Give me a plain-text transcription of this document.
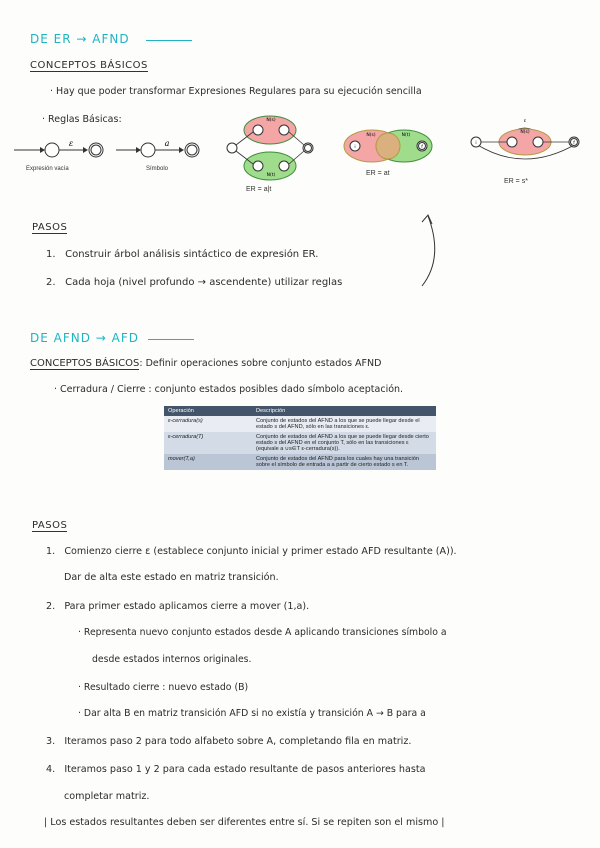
DE ER → AFND
CONCEPTOS BÁSICOS
· Hay que poder transformar Expresiones Regulares para su ejecución sencilla
· Reglas Básicas:
ε
Expresión vacía
a
Símbolo
N(s)
N(t)
ER = a|t
i	f
N(s)	N(t)
ER = at
N(s)
i	f
ε
ER = s*
PASOS
1. Construir árbol análisis sintáctico de expresión ER.
2. Cada hoja (nivel profundo → ascendente) utilizar reglas
DE AFND → AFD
CONCEPTOS BÁSICOS: Definir operaciones sobre conjunto estados AFND
· Cerradura / Cierre : conjunto estados posibles dado símbolo aceptación.
Operación	Descripción
ε-cerradura(s)	Conjunto de estados del AFND a los que se puede llegar desde el estado s del AFND, sólo en las transiciones ε.
ε-cerradura(T)	Conjunto de estados del AFND a los que se puede llegar desde cierto estado s del AFND en el conjunto T, sólo en las transiciones ε (equivale a ∪s∈T ε-cerradura(s)).
mover(T,a)	Conjunto de estados del AFND para los cuales hay una transición sobre el símbolo de entrada a a partir de cierto estado s en T.
PASOS
1. Comienzo cierre ε (establece conjunto inicial y primer estado AFD resultante (A)).
Dar de alta este estado en matriz transición.
2. Para primer estado aplicamos cierre a mover (1,a).
· Representa nuevo conjunto estados desde A aplicando transiciones símbolo a
desde estados internos originales.
· Resultado cierre : nuevo estado (B)
· Dar alta B en matriz transición AFD si no existía y transición A → B para a
3. Iteramos paso 2 para todo alfabeto sobre A, completando fila en matriz.
4. Iteramos paso 1 y 2 para cada estado resultante de pasos anteriores hasta
completar matriz.
| Los estados resultantes deben ser diferentes entre sí. Si se repiten son el mismo |
